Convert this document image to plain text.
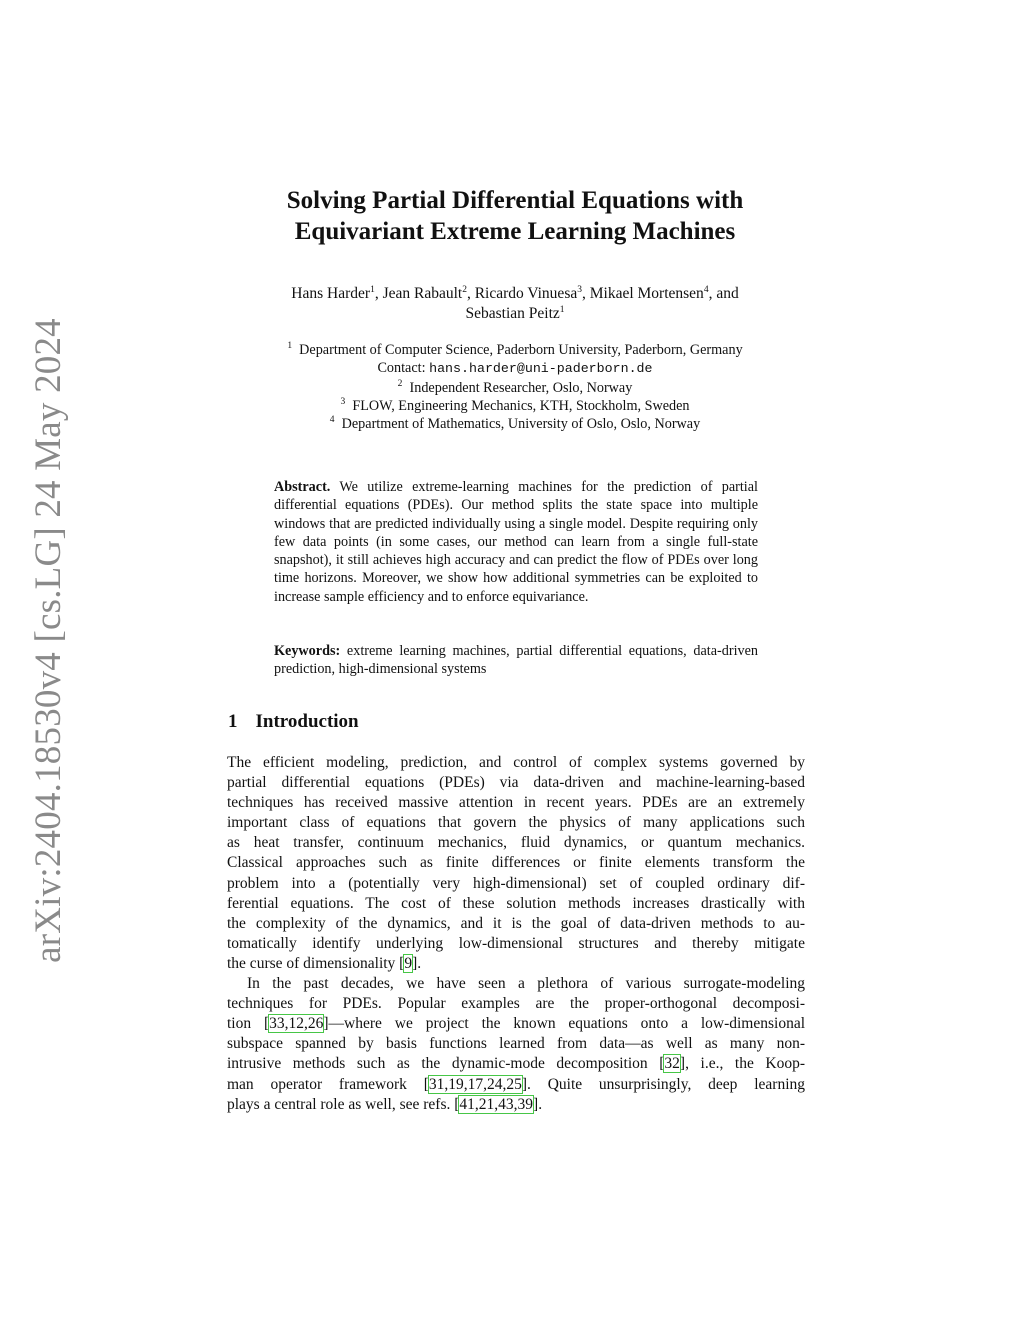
arXiv:2404.18530v4 [cs.LG] 24 May 2024
Solving Partial Differential Equations with
Equivariant Extreme Learning Machines
Hans Harder$^1$, Jean Rabault$^2$, Ricardo Vinuesa$^3$, Mikael Mortensen$^4$, and
Sebastian Peitz$^1$
$^1$ Department of Computer Science, Paderborn University, Paderborn, Germany
Contact: hans.harder@uni-paderborn.de
$^2$ Independent Researcher, Oslo, Norway
$^3$ FLOW, Engineering Mechanics, KTH, Stockholm, Sweden
$^4$ Department of Mathematics, University of Oslo, Oslo, Norway
Abstract. We utilize extreme-learning machines for the prediction of partial differential equations (PDEs). Our method splits the state space into multiple windows that are predicted individually using a single model. Despite requiring only few data points (in some cases, our method can learn from a single full-state snapshot), it still achieves high accuracy and can predict the flow of PDEs over long time horizons. Moreover, we show how additional symmetries can be exploited to increase sample efficiency and to enforce equivariance.
Keywords: extreme learning machines, partial differential equations, data-driven prediction, high-dimensional systems
1 Introduction
The efficient modeling, prediction, and control of complex systems governed by
partial differential equations (PDEs) via data-driven and machine-learning-based
techniques has received massive attention in recent years. PDEs are an extremely
important class of equations that govern the physics of many applications such
as heat transfer, continuum mechanics, fluid dynamics, or quantum mechanics.
Classical approaches such as finite differences or finite elements transform the
problem into a (potentially very high-dimensional) set of coupled ordinary dif-
ferential equations. The cost of these solution methods increases drastically with
the complexity of the dynamics, and it is the goal of data-driven methods to au-
tomatically identify underlying low-dimensional structures and thereby mitigate
the curse of dimensionality [9].
In the past decades, we have seen a plethora of various surrogate-modeling
techniques for PDEs. Popular examples are the proper-orthogonal decomposi-
tion [33,12,26]—where we project the known equations onto a low-dimensional
subspace spanned by basis functions learned from data—as well as many non-
intrusive methods such as the dynamic-mode decomposition [32], i.e., the Koop-
man operator framework [31,19,17,24,25]. Quite unsurprisingly, deep learning
plays a central role as well, see refs. [41,21,43,39].
